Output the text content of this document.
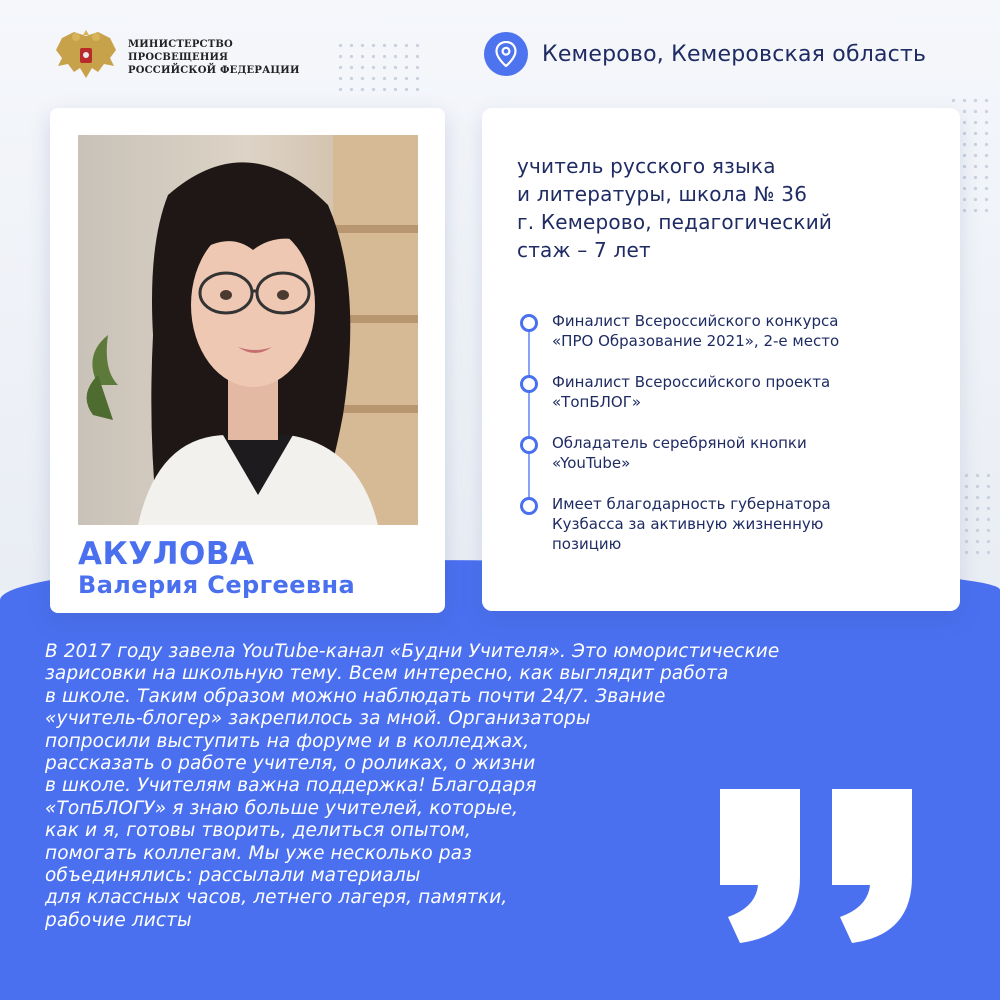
МИНИСТЕРСТВО ПРОСВЕЩЕНИЯ
РОССИЙСКОЙ ФЕДЕРАЦИИ
Кемерово, Кемеровская область
АКУЛОВА
Валерия Сергеевна
учитель русского языка
и литературы, школа № 36
г. Кемерово, педагогический
стаж – 7 лет
Финалист Всероссийского конкурса
«ПРО Образование 2021», 2-е место
Финалист Всероссийского проекта
«ТопБЛОГ»
Обладатель серебряной кнопки
«YouTube»
Имеет благодарность губернатора
Кузбасса за активную жизненную
позицию
В 2017 году завела YouTube-канал «Будни Учителя». Это юмористические
зарисовки на школьную тему. Всем интересно, как выглядит работа
в школе. Таким образом можно наблюдать почти 24/7. Звание
«учитель-блогер» закрепилось за мной. Организаторы
попросили выступить на форуме и в колледжах,
рассказать о работе учителя, о роликах, о жизни
в школе. Учителям важна поддержка! Благодаря
«ТопБЛОГУ» я знаю больше учителей, которые,
как и я, готовы творить, делиться опытом,
помогать коллегам. Мы уже несколько раз
объединялись: рассылали материалы
для классных часов, летнего лагеря, памятки,
рабочие листы
